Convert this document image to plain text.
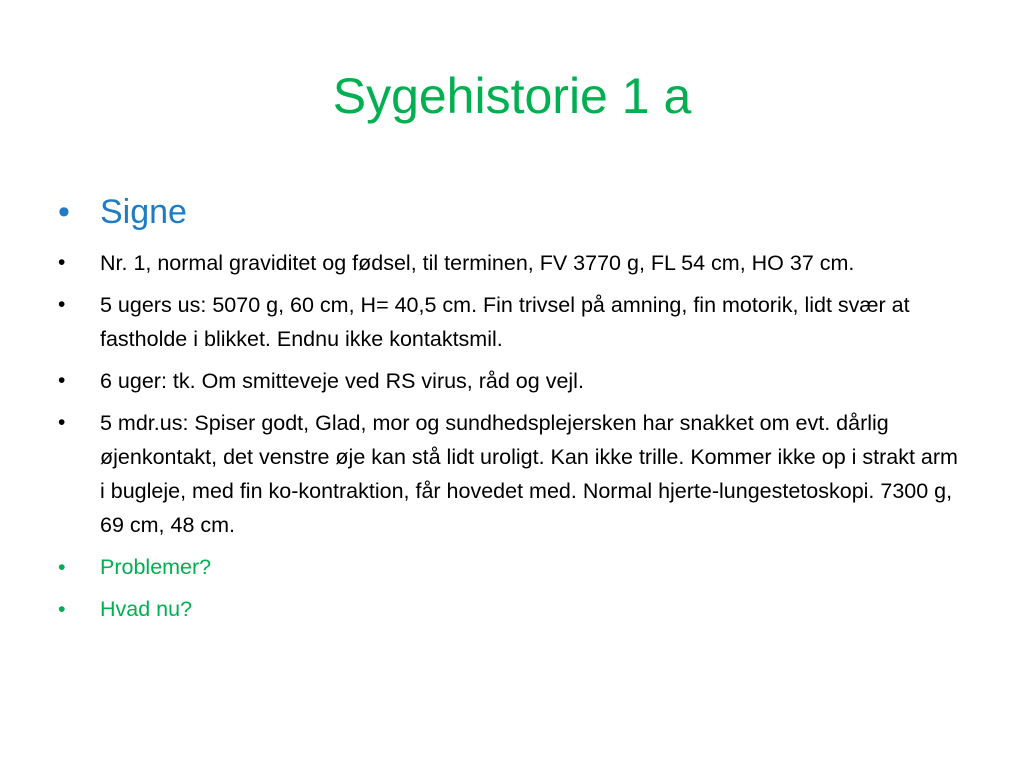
Sygehistorie 1 a
• Signe
• Nr. 1, normal graviditet og fødsel, til terminen, FV 3770 g, FL 54 cm, HO 37 cm.
• 5 ugers us: 5070 g, 60 cm, H= 40,5 cm. Fin trivsel på amning, fin motorik, lidt svær at fastholde i blikket. Endnu ikke kontaktsmil.
• 6 uger: tk. Om smitteveje ved RS virus, råd og vejl.
• 5 mdr.us: Spiser godt, Glad, mor og sundhedsplejersken har snakket om evt. dårlig øjenkontakt, det venstre øje kan stå lidt uroligt. Kan ikke trille. Kommer ikke op i strakt arm i bugleje, med fin ko-kontraktion, får hovedet med. Normal hjerte-lungestetoskopi. 7300 g, 69 cm, 48 cm.
• Problemer?
• Hvad nu?
